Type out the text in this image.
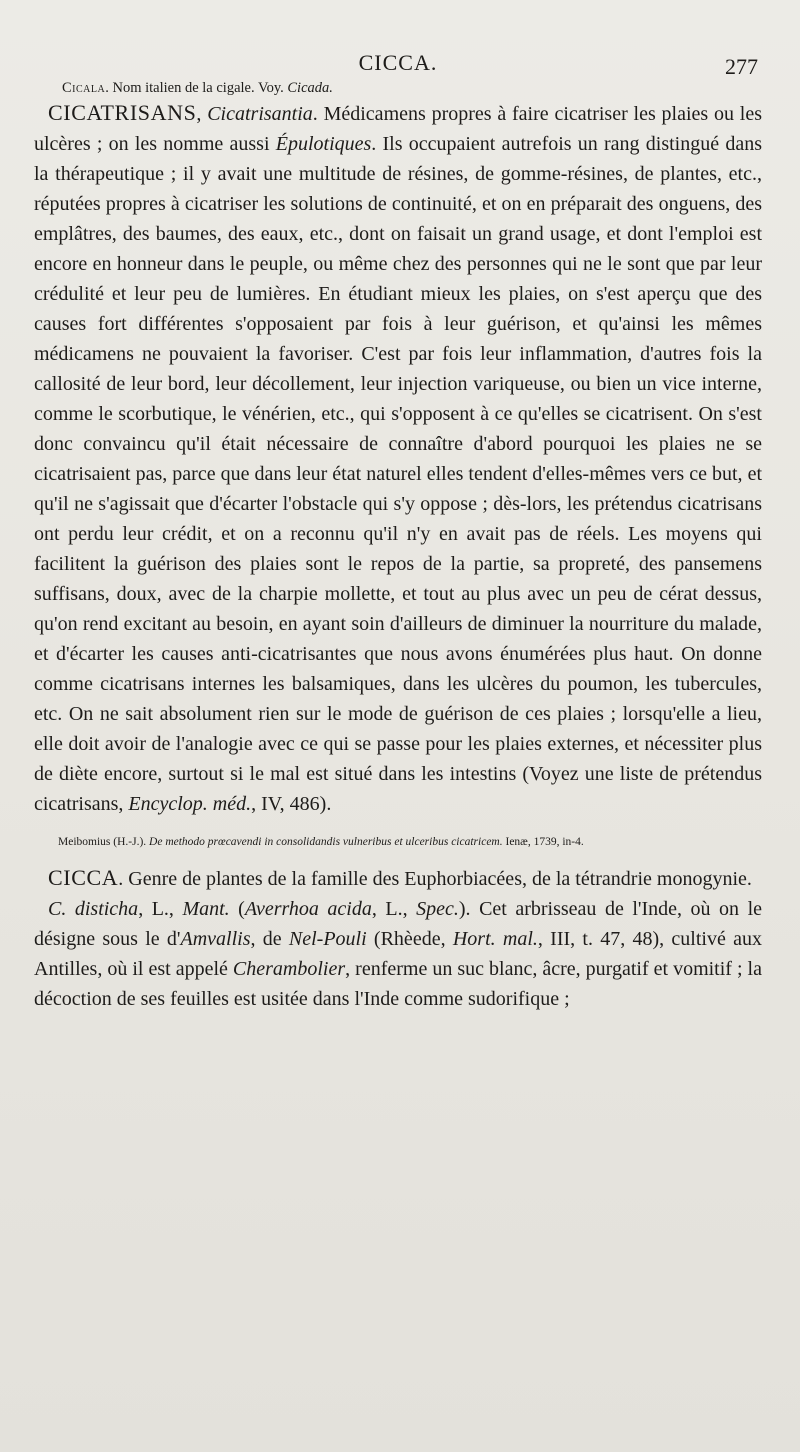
CICCA.	277

Cicala. Nom italien de la cigale. Voy. Cicada.

CICATRISANS, Cicatrisantia. Médicamens propres à faire cicatriser les plaies ou les ulcères ; on les nomme aussi Épulotiques. Ils occupaient autrefois un rang distingué dans la thérapeutique ; il y avait une multitude de résines, de gomme-résines, de plantes, etc., réputées propres à cicatriser les solutions de continuité, et on en préparait des onguens, des emplâtres, des baumes, des eaux, etc., dont on faisait un grand usage, et dont l'emploi est encore en honneur dans le peuple, ou même chez des personnes qui ne le sont que par leur crédulité et leur peu de lumières. En étudiant mieux les plaies, on s'est aperçu que des causes fort différentes s'opposaient par fois à leur guérison, et qu'ainsi les mêmes médicamens ne pouvaient la favoriser. C'est par fois leur inflammation, d'autres fois la callosité de leur bord, leur décollement, leur injection variqueuse, ou bien un vice interne, comme le scorbutique, le vénérien, etc., qui s'opposent à ce qu'elles se cicatrisent. On s'est donc convaincu qu'il était nécessaire de connaître d'abord pourquoi les plaies ne se cicatrisaient pas, parce que dans leur état naturel elles tendent d'elles-mêmes vers ce but, et qu'il ne s'agissait que d'écarter l'obstacle qui s'y oppose ; dès-lors, les prétendus cicatrisans ont perdu leur crédit, et on a reconnu qu'il n'y en avait pas de réels. Les moyens qui facilitent la guérison des plaies sont le repos de la partie, sa propreté, des pansemens suffisans, doux, avec de la charpie mollette, et tout au plus avec un peu de cérat dessus, qu'on rend excitant au besoin, en ayant soin d'ailleurs de diminuer la nourriture du malade, et d'écarter les causes anti-cicatrisantes que nous avons énumérées plus haut. On donne comme cicatrisans internes les balsamiques, dans les ulcères du poumon, les tubercules, etc. On ne sait absolument rien sur le mode de guérison de ces plaies ; lorsqu'elle a lieu, elle doit avoir de l'analogie avec ce qui se passe pour les plaies externes, et nécessiter plus de diète encore, surtout si le mal est situé dans les intestins (Voyez une liste de prétendus cicatrisans, Encyclop. méd., IV, 486).

Meibomius (H.-J.). De methodo prœcavendi in consolidandis vulneribus et ulceribus cicatricem. Ienæ, 1739, in-4.

CICCA. Genre de plantes de la famille des Euphorbiacées, de la tétrandrie monogynie.

C. disticha, L., Mant. (Averrhoa acida, L., Spec.). Cet arbrisseau de l'Inde, où on le désigne sous le d'Amvallis, de Nel-Pouli (Rhèede, Hort. mal., III, t. 47, 48), cultivé aux Antilles, où il est appelé Cherambolier, renferme un suc blanc, âcre, purgatif et vomitif ; la décoction de ses feuilles est usitée dans l'Inde comme sudorifique ;
